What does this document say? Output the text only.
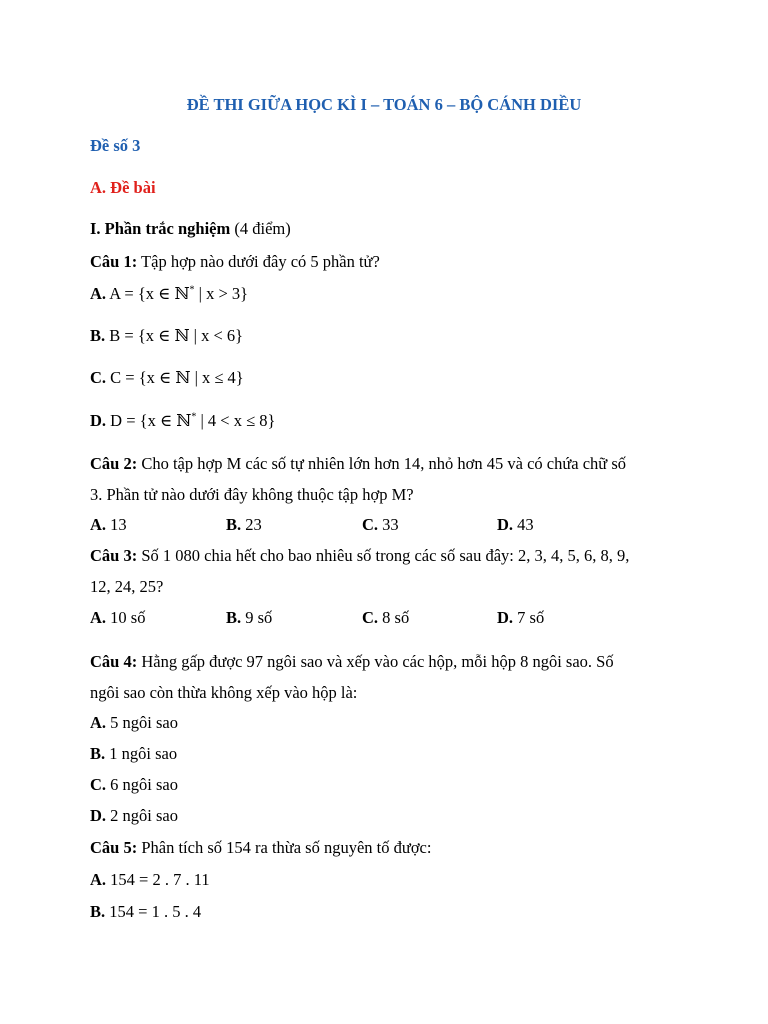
ĐỀ THI GIỮA HỌC KÌ I – TOÁN 6 – BỘ CÁNH DIỀU
Đề số 3
A. Đề bài
I. Phần trắc nghiệm (4 điểm)
Câu 1: Tập hợp nào dưới đây có 5 phần tử?
A. A = {x ∈ ℕ* | x > 3}
B. B = {x ∈ ℕ | x < 6}
C. C = {x ∈ ℕ | x ≤ 4}
D. D = {x ∈ ℕ* | 4 < x ≤ 8}
Câu 2: Cho tập hợp M các số tự nhiên lớn hơn 14, nhỏ hơn 45 và có chứa chữ số
3. Phần tử nào dưới đây không thuộc tập hợp M?
A. 13	B. 23	C. 33	D. 43
Câu 3: Số 1 080 chia hết cho bao nhiêu số trong các số sau đây: 2, 3, 4, 5, 6, 8, 9,
12, 24, 25?
A. 10 số	B. 9 số	C. 8 số	D. 7 số
Câu 4: Hằng gấp được 97 ngôi sao và xếp vào các hộp, mỗi hộp 8 ngôi sao. Số
ngôi sao còn thừa không xếp vào hộp là:
A. 5 ngôi sao
B. 1 ngôi sao
C. 6 ngôi sao
D. 2 ngôi sao
Câu 5: Phân tích số 154 ra thừa số nguyên tố được:
A. 154 = 2 . 7 . 11
B. 154 = 1 . 5 . 4
